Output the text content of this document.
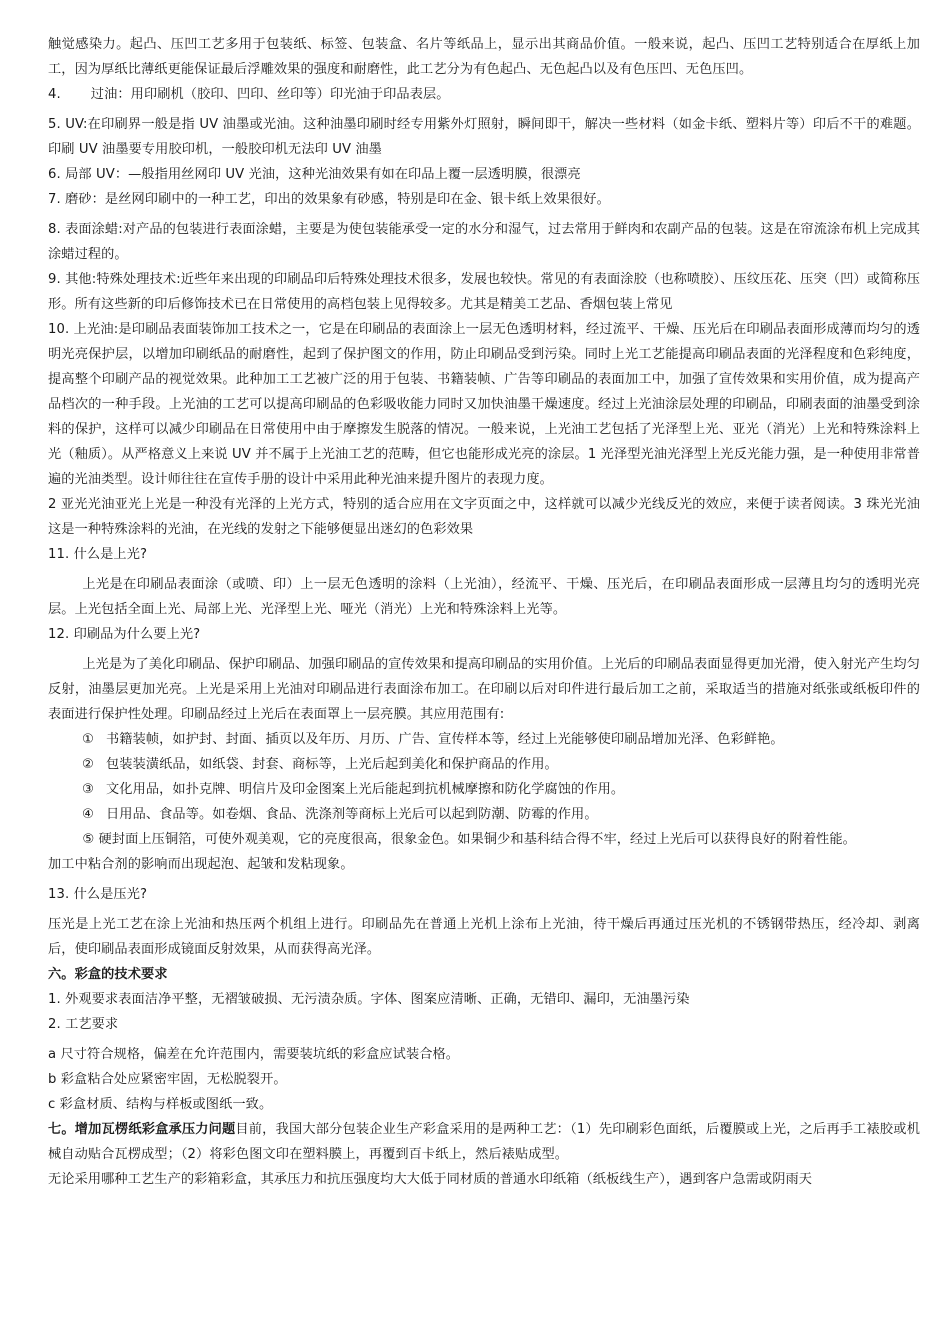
触觉感染力。起凸、压凹工艺多用于包装纸、标签、包装盒、名片等纸品上，显示出其商品价值。一般来说，起凸、压凹工艺特别适合在厚纸上加工，因为厚纸比薄纸更能保证最后浮雕效果的强度和耐磨性，此工艺分为有色起凸、无色起凸以及有色压凹、无色压凹。

4. 过油：用印刷机（胶印、凹印、丝印等）印光油于印品表层。

5. UV:在印刷界一般是指 UV 油墨或光油。这种油墨印刷时经专用紫外灯照射，瞬间即干，解决一些材料（如金卡纸、塑料片等）印后不干的难题。印刷 UV 油墨要专用胶印机，一般胶印机无法印 UV 油墨

6. 局部 UV：—般指用丝网印 UV 光油，这种光油效果有如在印品上覆一层透明膜，很漂亮

7. 磨砂：是丝网印刷中的一种工艺，印出的效果象有砂感，特别是印在金、银卡纸上效果很好。

8. 表面涂蜡:对产品的包装进行表面涂蜡，主要是为使包装能承受一定的水分和湿气，过去常用于鲜肉和农副产品的包装。这是在帘流涂布机上完成其涂蜡过程的。

9. 其他:特殊处理技术:近些年来出现的印刷品印后特殊处理技术很多，发展也较快。常见的有表面涂胶（也称喷胶）、压纹压花、压突（凹）或简称压形。所有这些新的印后修饰技术已在日常使用的高档包装上见得较多。尤其是精美工艺品、香烟包装上常见

10. 上光油:是印刷品表面装饰加工技术之一，它是在印刷品的表面涂上一层无色透明材料，经过流平、干燥、压光后在印刷品表面形成薄而均匀的透明光亮保护层，以增加印刷纸品的耐磨性，起到了保护图文的作用，防止印刷品受到污染。同时上光工艺能提高印刷品表面的光泽程度和色彩纯度，提高整个印刷产品的视觉效果。此种加工工艺被广泛的用于包装、书籍装帧、广告等印刷品的表面加工中，加强了宣传效果和实用价值，成为提高产品档次的一种手段。上光油的工艺可以提高印刷品的色彩吸收能力同时又加快油墨干燥速度。经过上光油涂层处理的印刷品，印刷表面的油墨受到涂料的保护，这样可以减少印刷品在日常使用中由于摩擦发生脱落的情况。一般来说，上光油工艺包括了光泽型上光、亚光（消光）上光和特殊涂料上光（釉质）。从严格意义上来说 UV 并不属于上光油工艺的范畴，但它也能形成光亮的涂层。1 光泽型光油光泽型上光反光能力强，是一种使用非常普遍的光油类型。设计师往往在宣传手册的设计中采用此种光油来提升图片的表现力度。

2 亚光光油亚光上光是一种没有光泽的上光方式，特别的适合应用在文字页面之中，这样就可以减少光线反光的效应，来便于读者阅读。3 珠光光油这是一种特殊涂料的光油，在光线的发射之下能够便显出迷幻的色彩效果

11. 什么是上光?

上光是在印刷品表面涂（或喷、印）上一层无色透明的涂料（上光油），经流平、干燥、压光后，在印刷品表面形成一层薄且均匀的透明光亮层。上光包括全面上光、局部上光、光泽型上光、哑光（消光）上光和特殊涂料上光等。

12. 印刷品为什么要上光?

上光是为了美化印刷品、保护印刷品、加强印刷品的宣传效果和提高印刷品的实用价值。上光后的印刷品表面显得更加光滑，使入射光产生均匀反射，油墨层更加光亮。上光是采用上光油对印刷品进行表面涂布加工。在印刷以后对印件进行最后加工之前，采取适当的措施对纸张或纸板印件的表面进行保护性处理。印刷品经过上光后在表面罩上一层亮膜。其应用范围有:

① 书籍装帧，如护封、封面、插页以及年历、月历、广告、宣传样本等，经过上光能够使印刷品增加光泽、色彩鲜艳。

② 包装装潢纸品，如纸袋、封套、商标等，上光后起到美化和保护商品的作用。

③ 文化用品，如扑克牌、明信片及印金图案上光后能起到抗机械摩擦和防化学腐蚀的作用。

④ 日用品、食品等。如卷烟、食品、洗涤剂等商标上光后可以起到防潮、防霉的作用。

⑤ 硬封面上压铜箔，可使外观美观，它的亮度很高，很象金色。如果铜少和基科结合得不牢，经过上光后可以获得良好的附着性能。

加工中粘合剂的影响而出现起泡、起皱和发粘现象。

13. 什么是压光?

压光是上光工艺在涂上光油和热压两个机组上进行。印刷品先在普通上光机上涂布上光油，待干燥后再通过压光机的不锈钢带热压，经冷却、剥离后，使印刷品表面形成镜面反射效果，从而获得高光泽。

六。彩盒的技术要求

1. 外观要求表面洁净平整，无褶皱破损、无污渍杂质。字体、图案应清晰、正确，无错印、漏印，无油墨污染

2. 工艺要求

a 尺寸符合规格，偏差在允许范围内，需要装坑纸的彩盒应试装合格。

b 彩盒粘合处应紧密牢固，无松脱裂开。

c 彩盒材质、结构与样板或图纸一致。

七。增加瓦楞纸彩盒承压力问题目前，我国大部分包装企业生产彩盒采用的是两种工艺：（1）先印刷彩色面纸，后覆膜或上光，之后再手工裱胶或机械自动贴合瓦楞成型；（2）将彩色图文印在塑料膜上，再覆到百卡纸上，然后裱贴成型。

无论采用哪种工艺生产的彩箱彩盒，其承压力和抗压强度均大大低于同材质的普通水印纸箱（纸板线生产），遇到客户急需或阴雨天
